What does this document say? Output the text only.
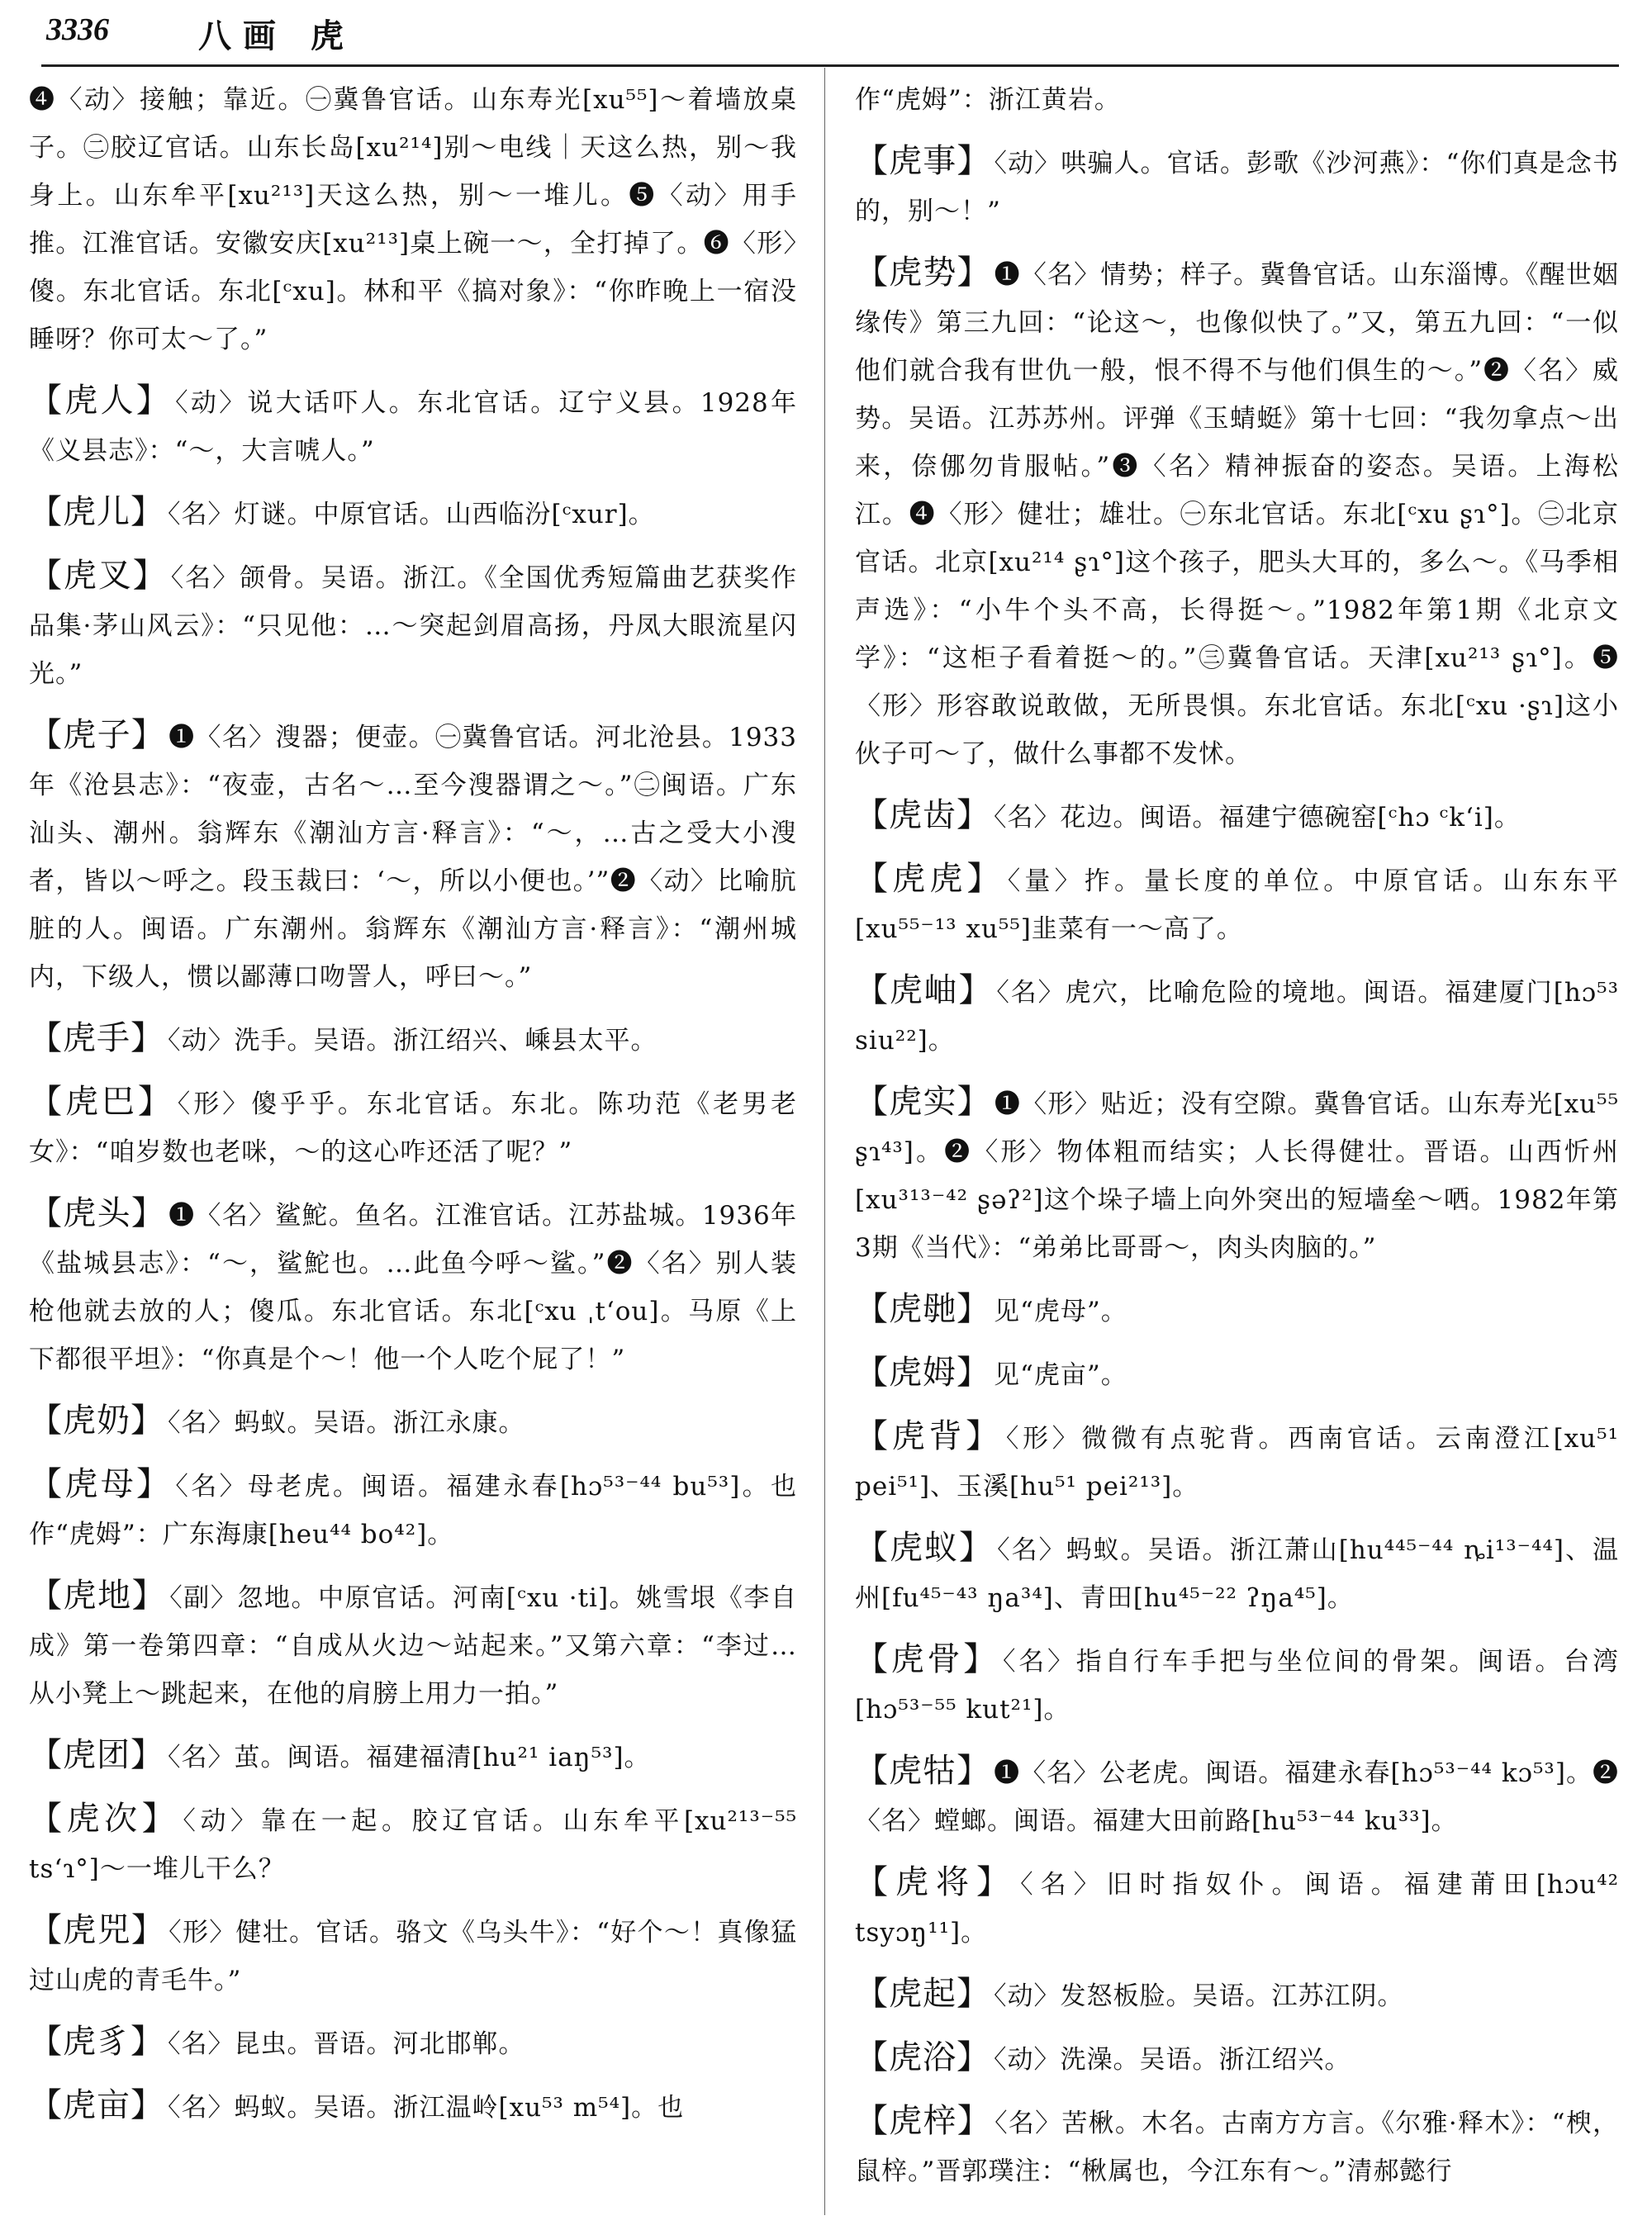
3336	八画 虎

❹〈动〉接触；靠近。㊀冀鲁官话。山东寿光[xu⁵⁵]～着墙放桌子。㊁胶辽官话。山东长岛[xu²¹⁴]别～电线｜天这么热，别～我身上。山东牟平[xu²¹³]天这么热，别～一堆儿。❺〈动〉用手推。江淮官话。安徽安庆[xu²¹³]桌上碗一～，全打掉了。❻〈形〉傻。东北官话。东北[ᶜxu]。林和平《搞对象》：“你昨晚上一宿没睡呀？你可太～了。”

【虎人】 〈动〉说大话吓人。东北官话。辽宁义县。1928年《义县志》：“～，大言唬人。”

【虎儿】 〈名〉灯谜。中原官话。山西临汾[ᶜxur]。

【虎叉】 〈名〉颌骨。吴语。浙江。《全国优秀短篇曲艺获奖作品集·茅山风云》：“只见他：…～突起剑眉高扬，丹凤大眼流星闪光。”

【虎子】 ❶〈名〉溲器；便壶。㊀冀鲁官话。河北沧县。1933年《沧县志》：“夜壶，古名～…至今溲器谓之～。”㊁闽语。广东汕头、潮州。翁辉东《潮汕方言·释言》：“～，…古之受大小溲者，皆以～呼之。段玉裁曰：‘～，所以小便也。’”❷〈动〉比喻肮脏的人。闽语。广东潮州。翁辉东《潮汕方言·释言》：“潮州城内，下级人，惯以鄙薄口吻詈人，呼曰～。”

【虎手】 〈动〉洗手。吴语。浙江绍兴、嵊县太平。

【虎巴】 〈形〉傻乎乎。东北官话。东北。陈功范《老男老女》：“咱岁数也老咪，～的这心咋还活了呢？”

【虎头】 ❶〈名〉鲨鮀。鱼名。江淮官话。江苏盐城。1936年《盐城县志》：“～，鲨鮀也。…此鱼今呼～鲨。”❷〈名〉别人装枪他就去放的人；傻瓜。东北官话。东北[ᶜxu ˌtʻou]。马原《上下都很平坦》：“你真是个～！他一个人吃个屁了！”

【虎奶】 〈名〉蚂蚁。吴语。浙江永康。

【虎母】 〈名〉母老虎。闽语。福建永春[hɔ⁵³⁻⁴⁴ bu⁵³]。也作“虎姆”：广东海康[heu⁴⁴ bo⁴²]。

【虎地】 〈副〉忽地。中原官话。河南[ᶜxu ·ti]。姚雪垠《李自成》第一卷第四章：“自成从火边～站起来。”又第六章：“李过…从小凳上～跳起来，在他的肩膀上用力一拍。”

【虎团】 〈名〉茧。闽语。福建福清[hu²¹ iaŋ⁵³]。

【虎次】 〈动〉靠在一起。胶辽官话。山东牟平[xu²¹³⁻⁵⁵ tsʻɿ°]～一堆儿干么？

【虎兕】 〈形〉健壮。官话。骆文《乌头牛》：“好个～！真像猛过山虎的青毛牛。”

【虎豸】 〈名〉昆虫。晋语。河北邯郸。

【虎亩】 〈名〉蚂蚁。吴语。浙江温岭[xu⁵³ m⁵⁴]。也

作“虎姆”：浙江黄岩。

【虎事】 〈动〉哄骗人。官话。彭歌《沙河燕》：“你们真是念书的，别～！”

【虎势】 ❶〈名〉情势；样子。冀鲁官话。山东淄博。《醒世姻缘传》第三九回：“论这～，也像似快了。”又，第五九回：“一似他们就合我有世仇一般，恨不得不与他们俱生的～。”❷〈名〉威势。吴语。江苏苏州。评弹《玉蜻蜓》第十七回：“我勿拿点～出来，倷㑚勿肯服帖。”❸〈名〉精神振奋的姿态。吴语。上海松江。❹〈形〉健壮；雄壮。㊀东北官话。东北[ᶜxu ʂɿ°]。㊁北京官话。北京[xu²¹⁴ ʂɿ°]这个孩子，肥头大耳的，多么～。《马季相声选》：“小牛个头不高，长得挺～。”1982年第1期《北京文学》：“这柜子看着挺～的。”㊂冀鲁官话。天津[xu²¹³ ʂɿ°]。❺〈形〉形容敢说敢做，无所畏惧。东北官话。东北[ᶜxu ·ʂɿ]这小伙子可～了，做什么事都不发怵。

【虎齿】 〈名〉花边。闽语。福建宁德碗窑[ᶜhɔ ᶜkʻi]。

【虎虎】 〈量〉拃。量长度的单位。中原官话。山东东平[xu⁵⁵⁻¹³ xu⁵⁵]韭菜有一～高了。

【虎岫】 〈名〉虎穴，比喻危险的境地。闽语。福建厦门[hɔ⁵³ siu²²]。

【虎实】 ❶〈形〉贴近；没有空隙。冀鲁官话。山东寿光[xu⁵⁵ ʂɿ⁴³]。❷〈形〉物体粗而结实；人长得健壮。晋语。山西忻州[xu³¹³⁻⁴² ʂəʔ²]这个垛子墙上向外突出的短墙垒～哂。1982年第3期《当代》：“弟弟比哥哥～，肉头肉脑的。”

【虎毑】 见“虎母”。

【虎姆】 见“虎亩”。

【虎背】 〈形〉微微有点驼背。西南官话。云南澄江[xu⁵¹ pei⁵¹]、玉溪[hu⁵¹ pei²¹³]。

【虎蚁】 〈名〉蚂蚁。吴语。浙江萧山[hu⁴⁴⁵⁻⁴⁴ ȵi¹³⁻⁴⁴]、温州[fu⁴⁵⁻⁴³ ŋa³⁴]、青田[hu⁴⁵⁻²² ʔŋa⁴⁵]。

【虎骨】 〈名〉指自行车手把与坐位间的骨架。闽语。台湾[hɔ⁵³⁻⁵⁵ kut²¹]。

【虎牯】 ❶〈名〉公老虎。闽语。福建永春[hɔ⁵³⁻⁴⁴ kɔ⁵³]。❷〈名〉螳螂。闽语。福建大田前路[hu⁵³⁻⁴⁴ ku³³]。

【虎将】 〈名〉旧时指奴仆。闽语。福建莆田[hɔu⁴² tsyɔŋ¹¹]。

【虎起】 〈动〉发怒板脸。吴语。江苏江阴。

【虎浴】 〈动〉洗澡。吴语。浙江绍兴。

【虎梓】 〈名〉苦楸。木名。古南方方言。《尔雅·释木》：“楰，鼠梓。”晋郭璞注：“楸属也，今江东有～。”清郝懿行
